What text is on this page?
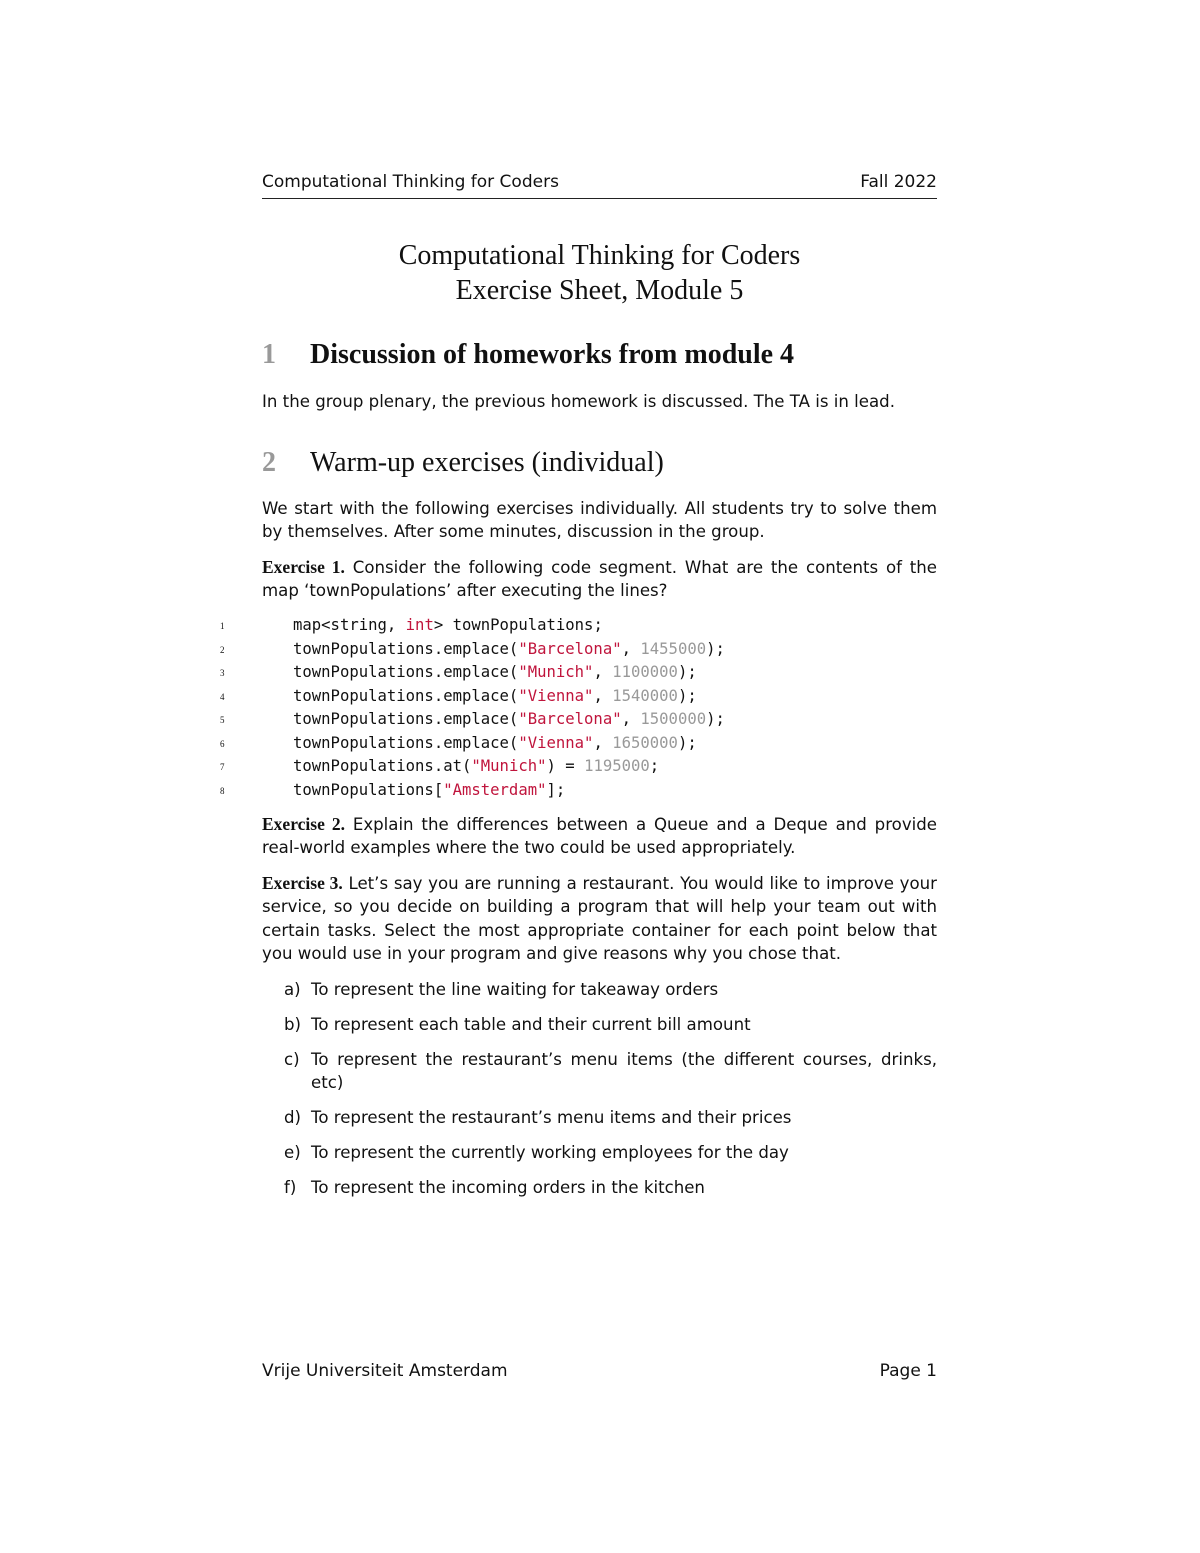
Computational Thinking for Coders	Fall 2022
Computational Thinking for Coders
Exercise Sheet, Module 5
1 Discussion of homeworks from module 4
In the group plenary, the previous homework is discussed. The TA is in lead.
2 Warm-up exercises (individual)
We start with the following exercises individually. All students try to solve them by themselves. After some minutes, discussion in the group.
Exercise 1. Consider the following code segment. What are the contents of the map ‘townPopulations’ after executing the lines?
1	map<string, int> townPopulations;
2	townPopulations.emplace("Barcelona", 1455000);
3	townPopulations.emplace("Munich", 1100000);
4	townPopulations.emplace("Vienna", 1540000);
5	townPopulations.emplace("Barcelona", 1500000);
6	townPopulations.emplace("Vienna", 1650000);
7	townPopulations.at("Munich") = 1195000;
8	townPopulations["Amsterdam"];
Exercise 2. Explain the differences between a Queue and a Deque and provide real-world examples where the two could be used appropriately.
Exercise 3. Let’s say you are running a restaurant. You would like to improve your service, so you decide on building a program that will help your team out with certain tasks. Select the most appropriate container for each point below that you would use in your program and give reasons why you chose that.
a) To represent the line waiting for takeaway orders
b) To represent each table and their current bill amount
c) To represent the restaurant’s menu items (the different courses, drinks, etc)
d) To represent the restaurant’s menu items and their prices
e) To represent the currently working employees for the day
f) To represent the incoming orders in the kitchen
Vrije Universiteit Amsterdam	Page 1
